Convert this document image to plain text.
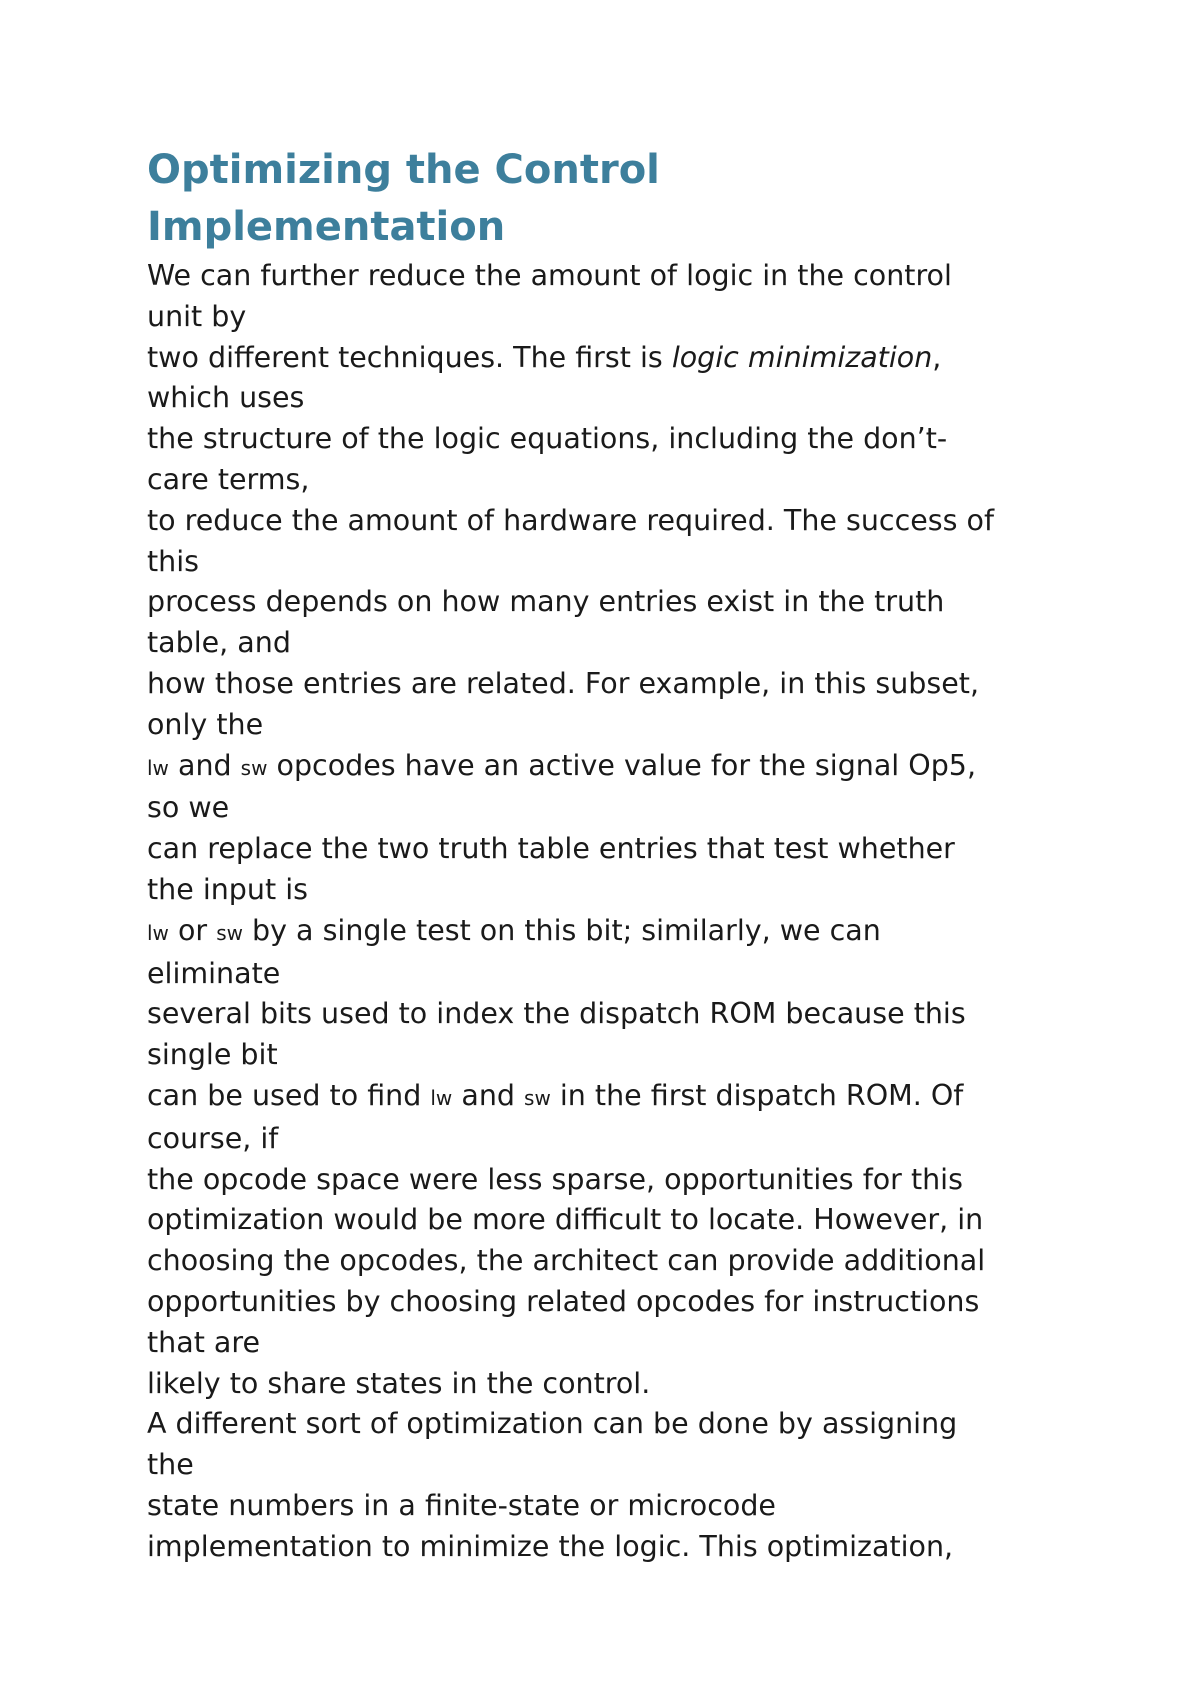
Optimizing the Control
Implementation
We can further reduce the amount of logic in the control
unit by
two different techniques. The first is logic minimization,
which uses
the structure of the logic equations, including the don’t-
care terms,
to reduce the amount of hardware required. The success of
this
process depends on how many entries exist in the truth
table, and
how those entries are related. For example, in this subset,
only the
lw and sw opcodes have an active value for the signal Op5,
so we
can replace the two truth table entries that test whether
the input is
lw or sw by a single test on this bit; similarly, we can
eliminate
several bits used to index the dispatch ROM because this
single bit
can be used to find lw and sw in the first dispatch ROM. Of
course, if
the opcode space were less sparse, opportunities for this
optimization would be more difficult to locate. However, in
choosing the opcodes, the architect can provide additional
opportunities by choosing related opcodes for instructions
that are
likely to share states in the control.
A different sort of optimization can be done by assigning
the
state numbers in a finite-state or microcode
implementation to minimize the logic. This optimization,
